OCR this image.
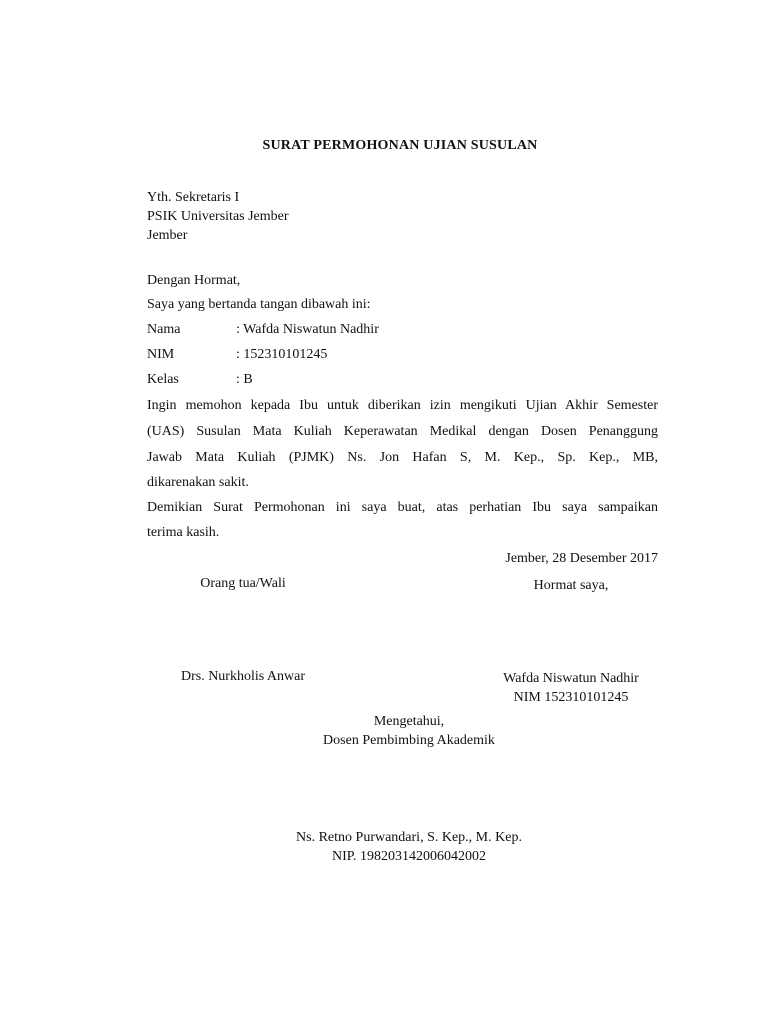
SURAT PERMOHONAN UJIAN SUSULAN
Yth. Sekretaris I
PSIK Universitas Jember
Jember
Dengan Hormat,
Saya yang bertanda tangan dibawah ini:
Nama	: Wafda Niswatun Nadhir
NIM	: 152310101245
Kelas	: B
Ingin memohon kepada Ibu untuk diberikan izin mengikuti Ujian Akhir Semester
(UAS) Susulan Mata Kuliah Keperawatan Medikal dengan Dosen Penanggung
Jawab Mata Kuliah (PJMK) Ns. Jon Hafan S, M. Kep., Sp. Kep., MB,
dikarenakan sakit.
Demikian Surat Permohonan ini saya buat, atas perhatian Ibu saya sampaikan
terima kasih.
Jember, 28 Desember 2017
Orang tua/Wali
Drs. Nurkholis Anwar
Hormat saya,
Wafda Niswatun Nadhir
NIM 152310101245
Mengetahui,
Dosen Pembimbing Akademik
Ns. Retno Purwandari, S. Kep., M. Kep.
NIP. 198203142006042002
